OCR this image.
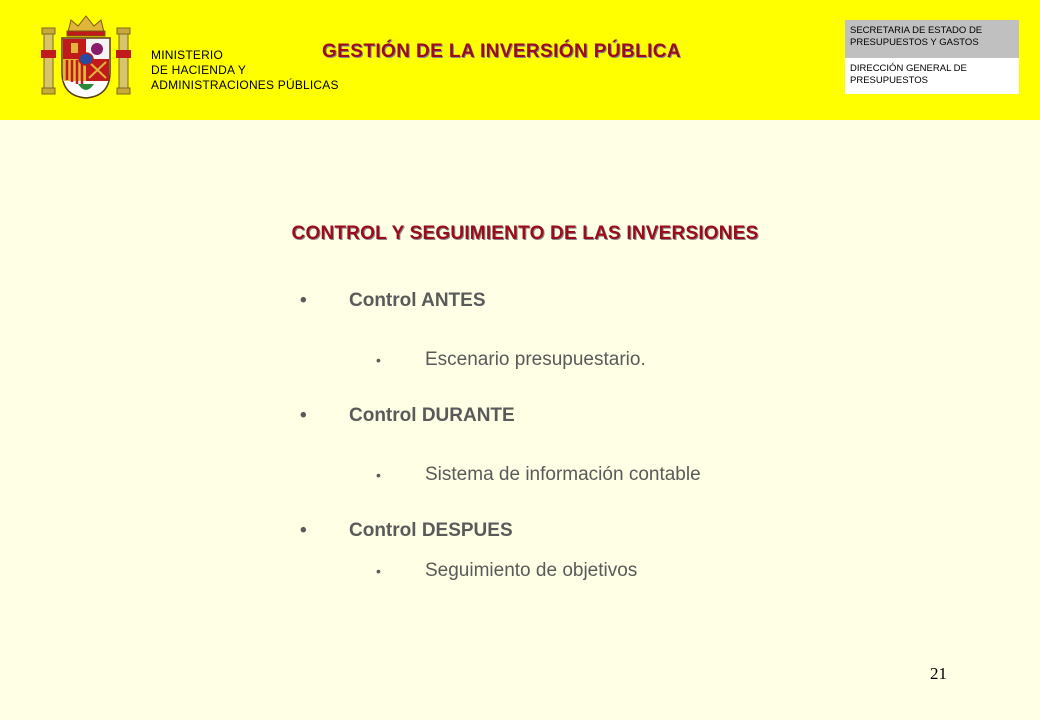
MINISTERIO
DE HACIENDA Y
ADMINISTRACIONES PÚBLICAS
GESTIÓN DE LA INVERSIÓN PÚBLICA
SECRETARIA DE ESTADO DE
PRESUPUESTOS Y GASTOS
DIRECCIÓN GENERAL DE
PRESUPUESTOS
CONTROL Y SEGUIMIENTO DE LAS INVERSIONES
• Control ANTES
• Escenario presupuestario.
• Control DURANTE
• Sistema de información contable
• Control DESPUES
• Seguimiento de objetivos
21
